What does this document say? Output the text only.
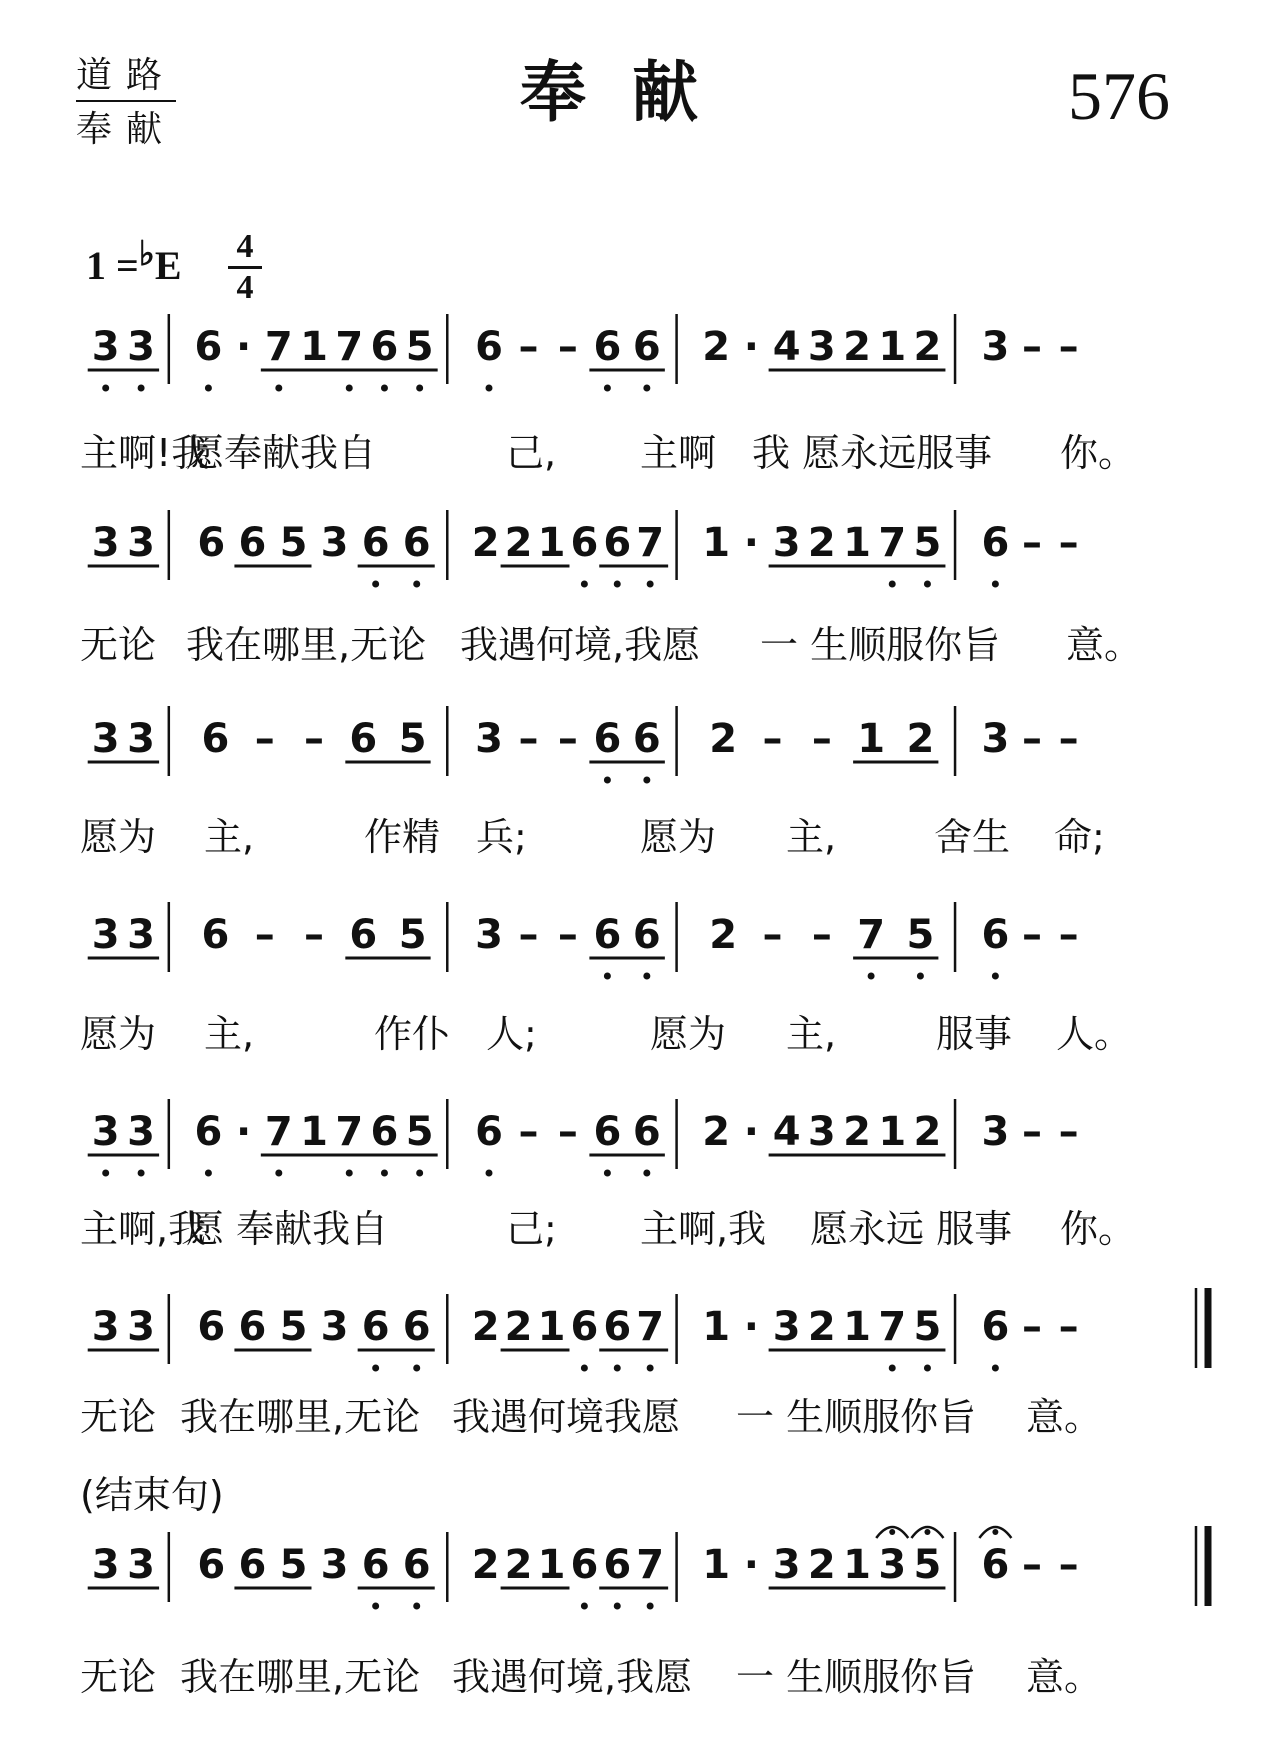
道路
奉献	奉献	576
$1 =^♭E \frac{4}{4}$
3 3 6 · 7 1 7 6 5 6 – – 6 6 2 · 4 3 2 1 2 3 – –
主啊!我
愿奉献我自	己, 主啊 我 愿永远服事 你。
3 3 6 6 5 3 6 6 2 2 1 6 6 7 1 · 3 2 1 7 5 6 – –
无论 我在哪里,无论 我遇何境,我愿 一 生顺服你旨 意。
3 3 6 – – 6 5 3 – – 6 6 2 – – 1 2 3 – –
愿为 主,	作精 兵;	愿为 主,	舍生 命;
3 3 6 – – 6 5 3 – – 6 6 2 – – 7 5 6 – –
愿为 主,	作仆 人;	愿为 主,	服事 人。
3 3 6 · 7 1 7 6 5 6 – – 6 6 2 · 4 3 2 1 2 3 – –
主啊,我
愿 奉献我自	己; 主啊,我 愿永远 服事 你。
3 3 6 6 5 3 6 6 2 2 1 6 6 7 1 · 3 2 1 7 5 6 – –
无论 我在哪里,无论 我遇何境我愿 一 生顺服你旨 意。
(结束句)
3 3 6 6 5 3 6 6 2 2 1 6 6 7 1 · 3 2 1 3 5 6 – –
无论 我在哪里,无论 我遇何境,我愿 一 生顺服你旨 意。
